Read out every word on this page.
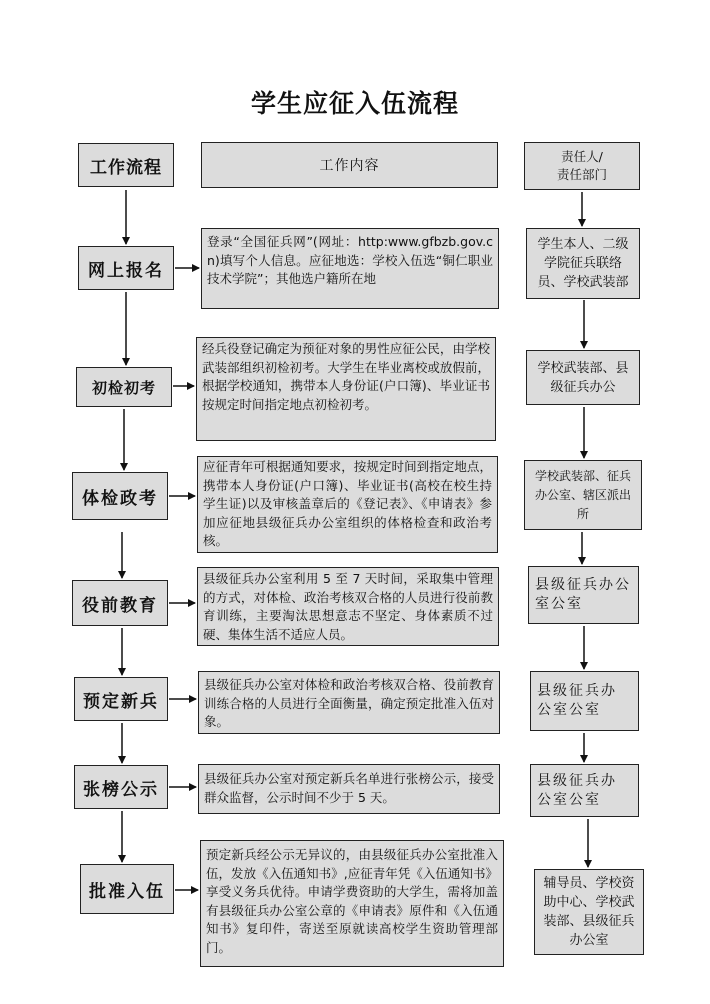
学生应征入伍流程
工作流程	工作内容
责任人/
责任部门
网上报名
登录“全国征兵网”(网址：http:www.gfbzb.gov.cn)填写个人信息。应征地选：学校入伍选“铜仁职业技术学院”；其他选户籍所在地
学生本人、二级学院征兵联络员、学校武装部
初检初考
经兵役登记确定为预征对象的男性应征公民，由学校武装部组织初检初考。大学生在毕业离校或放假前，根据学校通知，携带本人身份证(户口簿)、毕业证书按规定时间指定地点初检初考。
学校武装部、县级征兵办公
体检政考
应征青年可根据通知要求，按规定时间到指定地点，携带本人身份证(户口簿)、毕业证书(高校在校生持学生证)以及审核盖章后的《登记表》、《申请表》参加应征地县级征兵办公室组织的体格检查和政治考核。
学校武装部、征兵办公室、辖区派出所
役前教育
县级征兵办公室利用 5 至 7 天时间，采取集中管理的方式，对体检、政治考核双合格的人员进行役前教育训练，主要淘汰思想意志不坚定、身体素质不过硬、集体生活不适应人员。
县级征兵办公室公室
预定新兵
县级征兵办公室对体检和政治考核双合格、役前教育训练合格的人员进行全面衡量，确定预定批准入伍对象。
县级征兵办公室公室
张榜公示
县级征兵办公室对预定新兵名单进行张榜公示，接受群众监督，公示时间不少于 5 天。
县级征兵办公室公室
批准入伍
预定新兵经公示无异议的，由县级征兵办公室批准入伍，发放《入伍通知书》,应征青年凭《入伍通知书》享受义务兵优待。申请学费资助的大学生，需将加盖有县级征兵办公室公章的《申请表》原件和《入伍通知书》复印件，寄送至原就读高校学生资助管理部门。
辅导员、学校资助中心、学校武装部、县级征兵办公室
